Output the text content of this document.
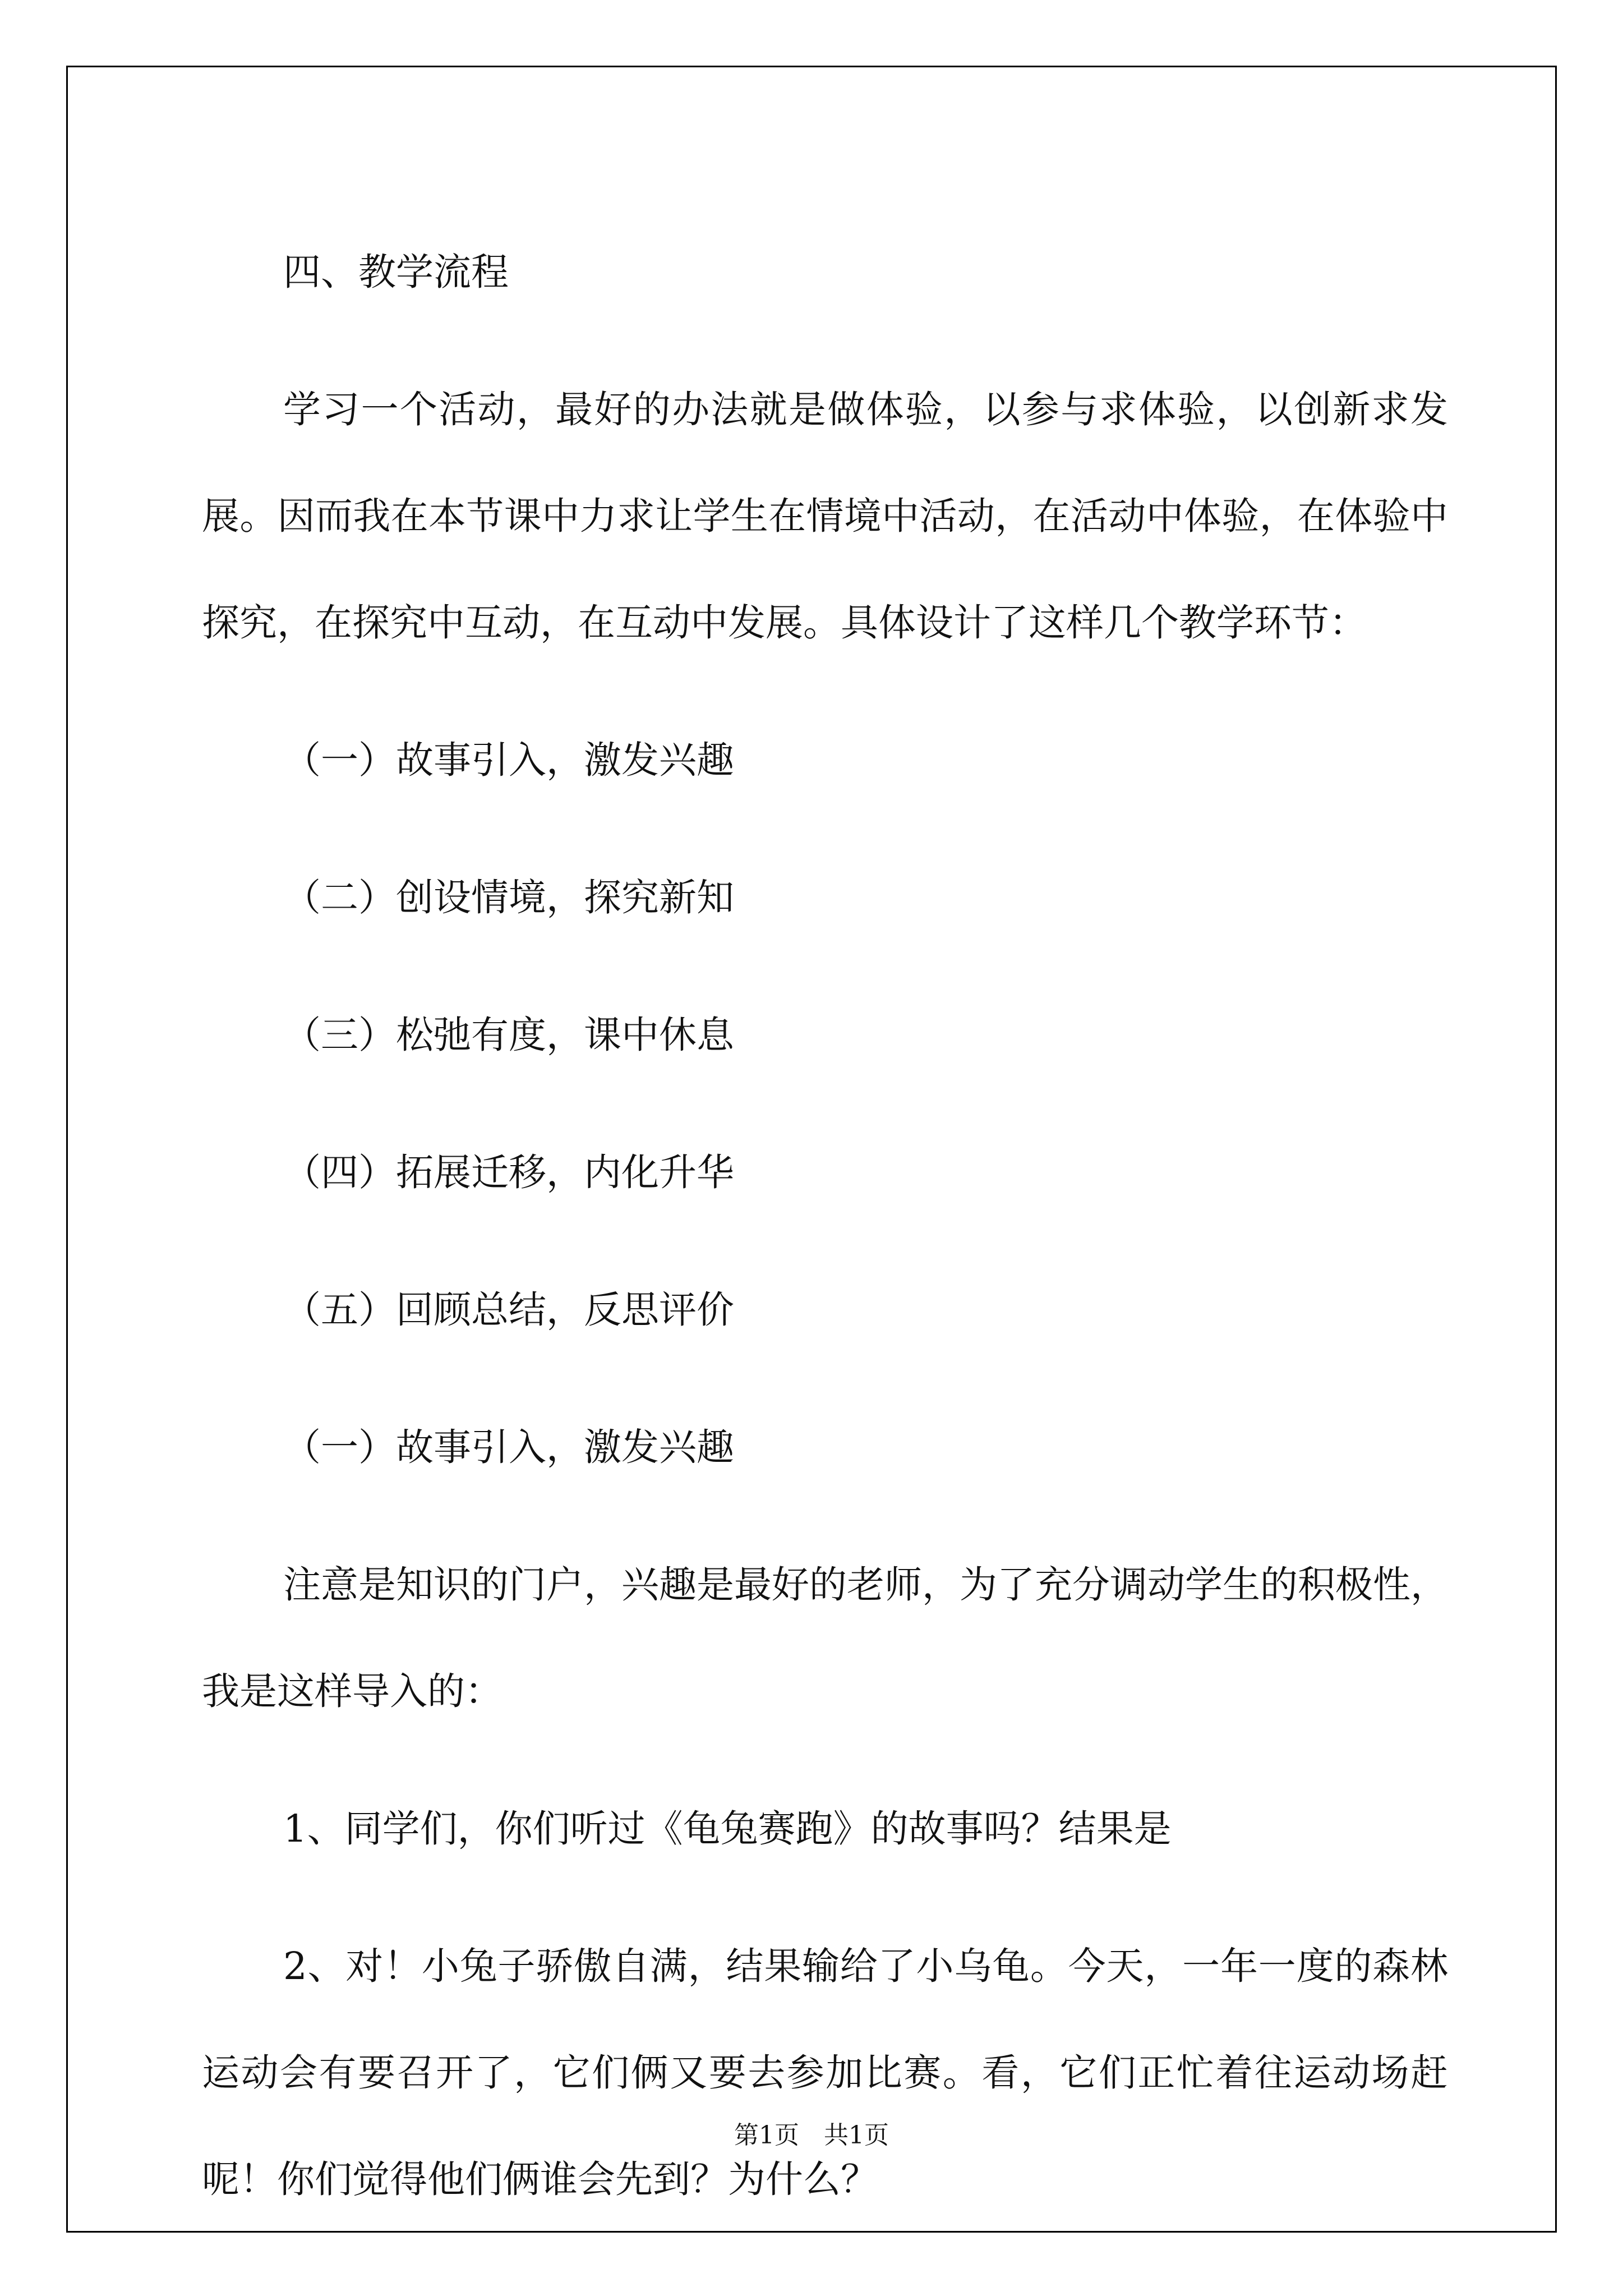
四、教学流程

学习一个活动，最好的办法就是做体验，以参与求体验，以创新求发展。因而我在本节课中力求让学生在情境中活动，在活动中体验，在体验中探究，在探究中互动，在互动中发展。具体设计了这样几个教学环节：

（一）故事引入，激发兴趣

（二）创设情境，探究新知

（三）松弛有度，课中休息

（四）拓展迁移，内化升华

（五）回顾总结，反思评价

（一）故事引入，激发兴趣

注意是知识的门户，兴趣是最好的老师，为了充分调动学生的积极性，我是这样导入的：

1、同学们，你们听过《龟兔赛跑》的故事吗？结果是

2、对！小兔子骄傲自满，结果输给了小乌龟。今天，一年一度的森林运动会有要召开了，它们俩又要去参加比赛。看，它们正忙着往运动场赶呢！你们觉得他们俩谁会先到？为什么？

第1页　共1页
